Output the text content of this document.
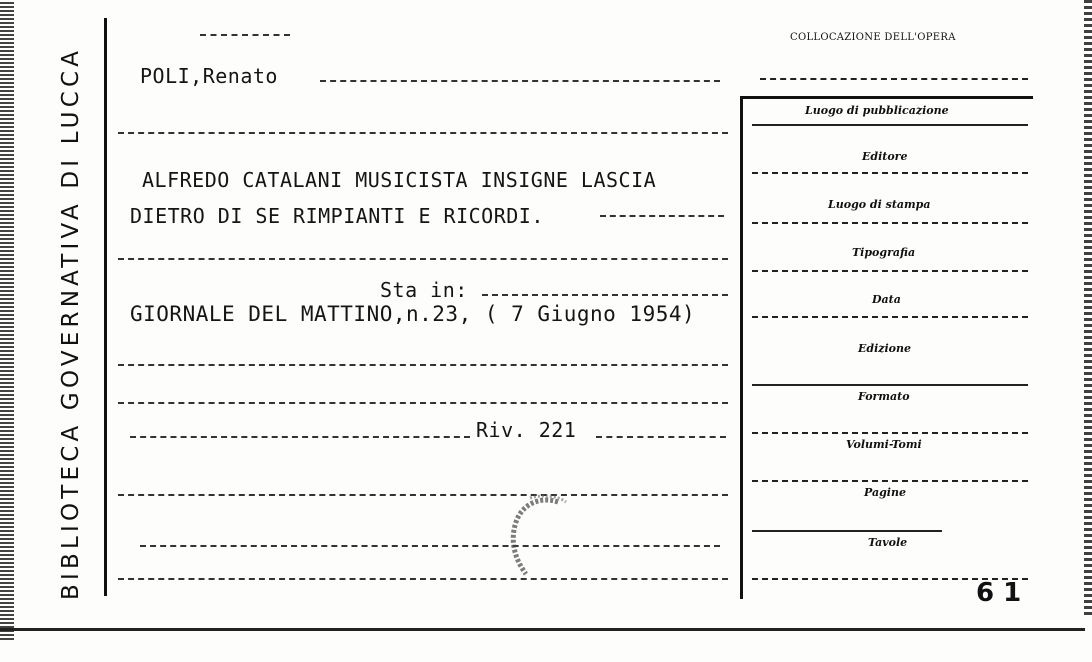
BIBLIOTECA GOVERNATIVA DI LUCCA	POLI,Renato
ALFREDO CATALANI MUSICISTA INSIGNE LASCIA
DIETRO DI SE RIMPIANTI E RICORDI.
Sta in:
GIORNALE DEL MATTINO,n.23, ( 7 Giugno 1954)
Riv. 221
COLLOCAZIONE DELL'OPERA
Luogo di pubblicazione
Editore
Luogo di stampa
Tipografia
Data
Edizione
Formato
Volumi-Tomi
Pagine
Tavole
6 1
